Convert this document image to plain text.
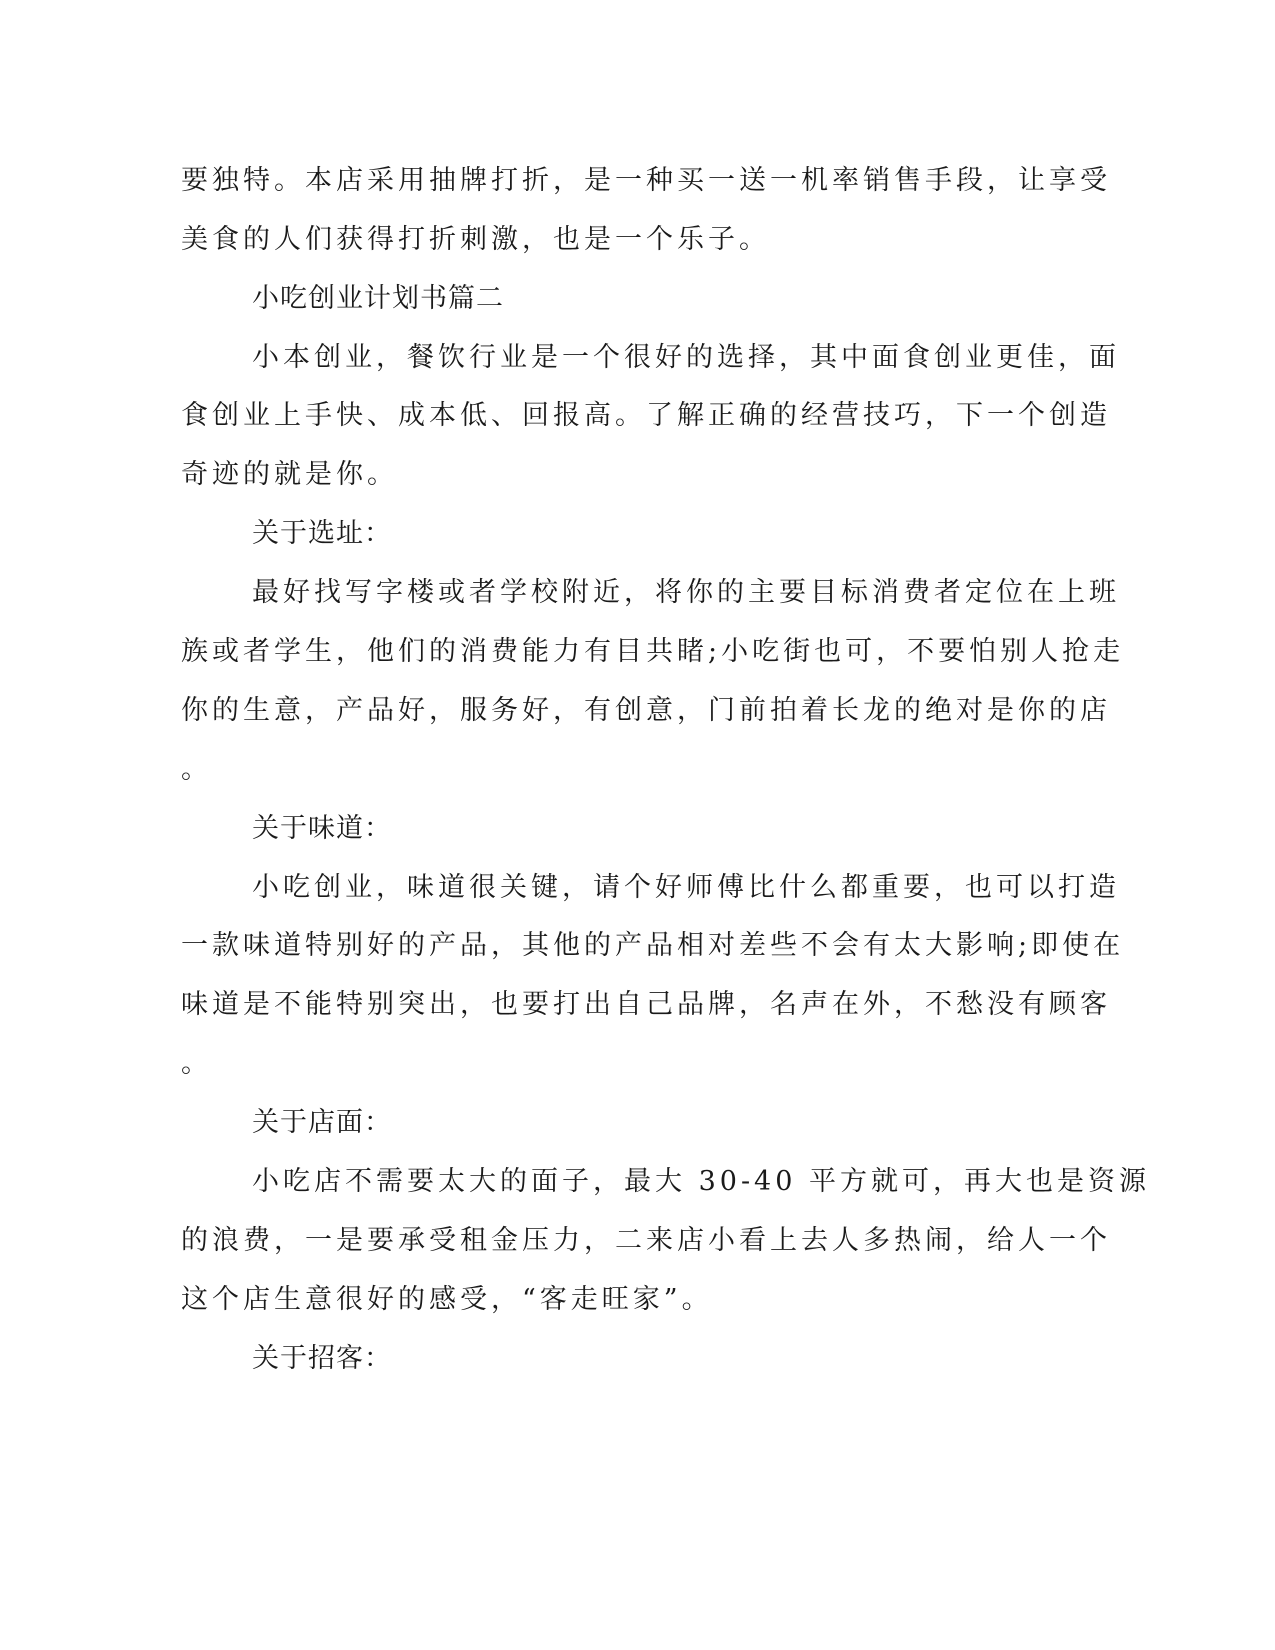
要独特。本店采用抽牌打折，是一种买一送一机率销售手段，让享受
美食的人们获得打折刺激，也是一个乐子。
小吃创业计划书篇二
小本创业，餐饮行业是一个很好的选择，其中面食创业更佳，面
食创业上手快、成本低、回报高。了解正确的经营技巧，下一个创造
奇迹的就是你。
关于选址：
最好找写字楼或者学校附近，将你的主要目标消费者定位在上班
族或者学生，他们的消费能力有目共睹;小吃街也可，不要怕别人抢走
你的生意，产品好，服务好，有创意，门前拍着长龙的绝对是你的店
。
关于味道：
小吃创业，味道很关键，请个好师傅比什么都重要，也可以打造
一款味道特别好的产品，其他的产品相对差些不会有太大影响;即使在
味道是不能特别突出，也要打出自己品牌，名声在外，不愁没有顾客
。
关于店面：
小吃店不需要太大的面子，最大 30-40 平方就可，再大也是资源
的浪费，一是要承受租金压力，二来店小看上去人多热闹，给人一个
这个店生意很好的感受，“客走旺家”。
关于招客：
